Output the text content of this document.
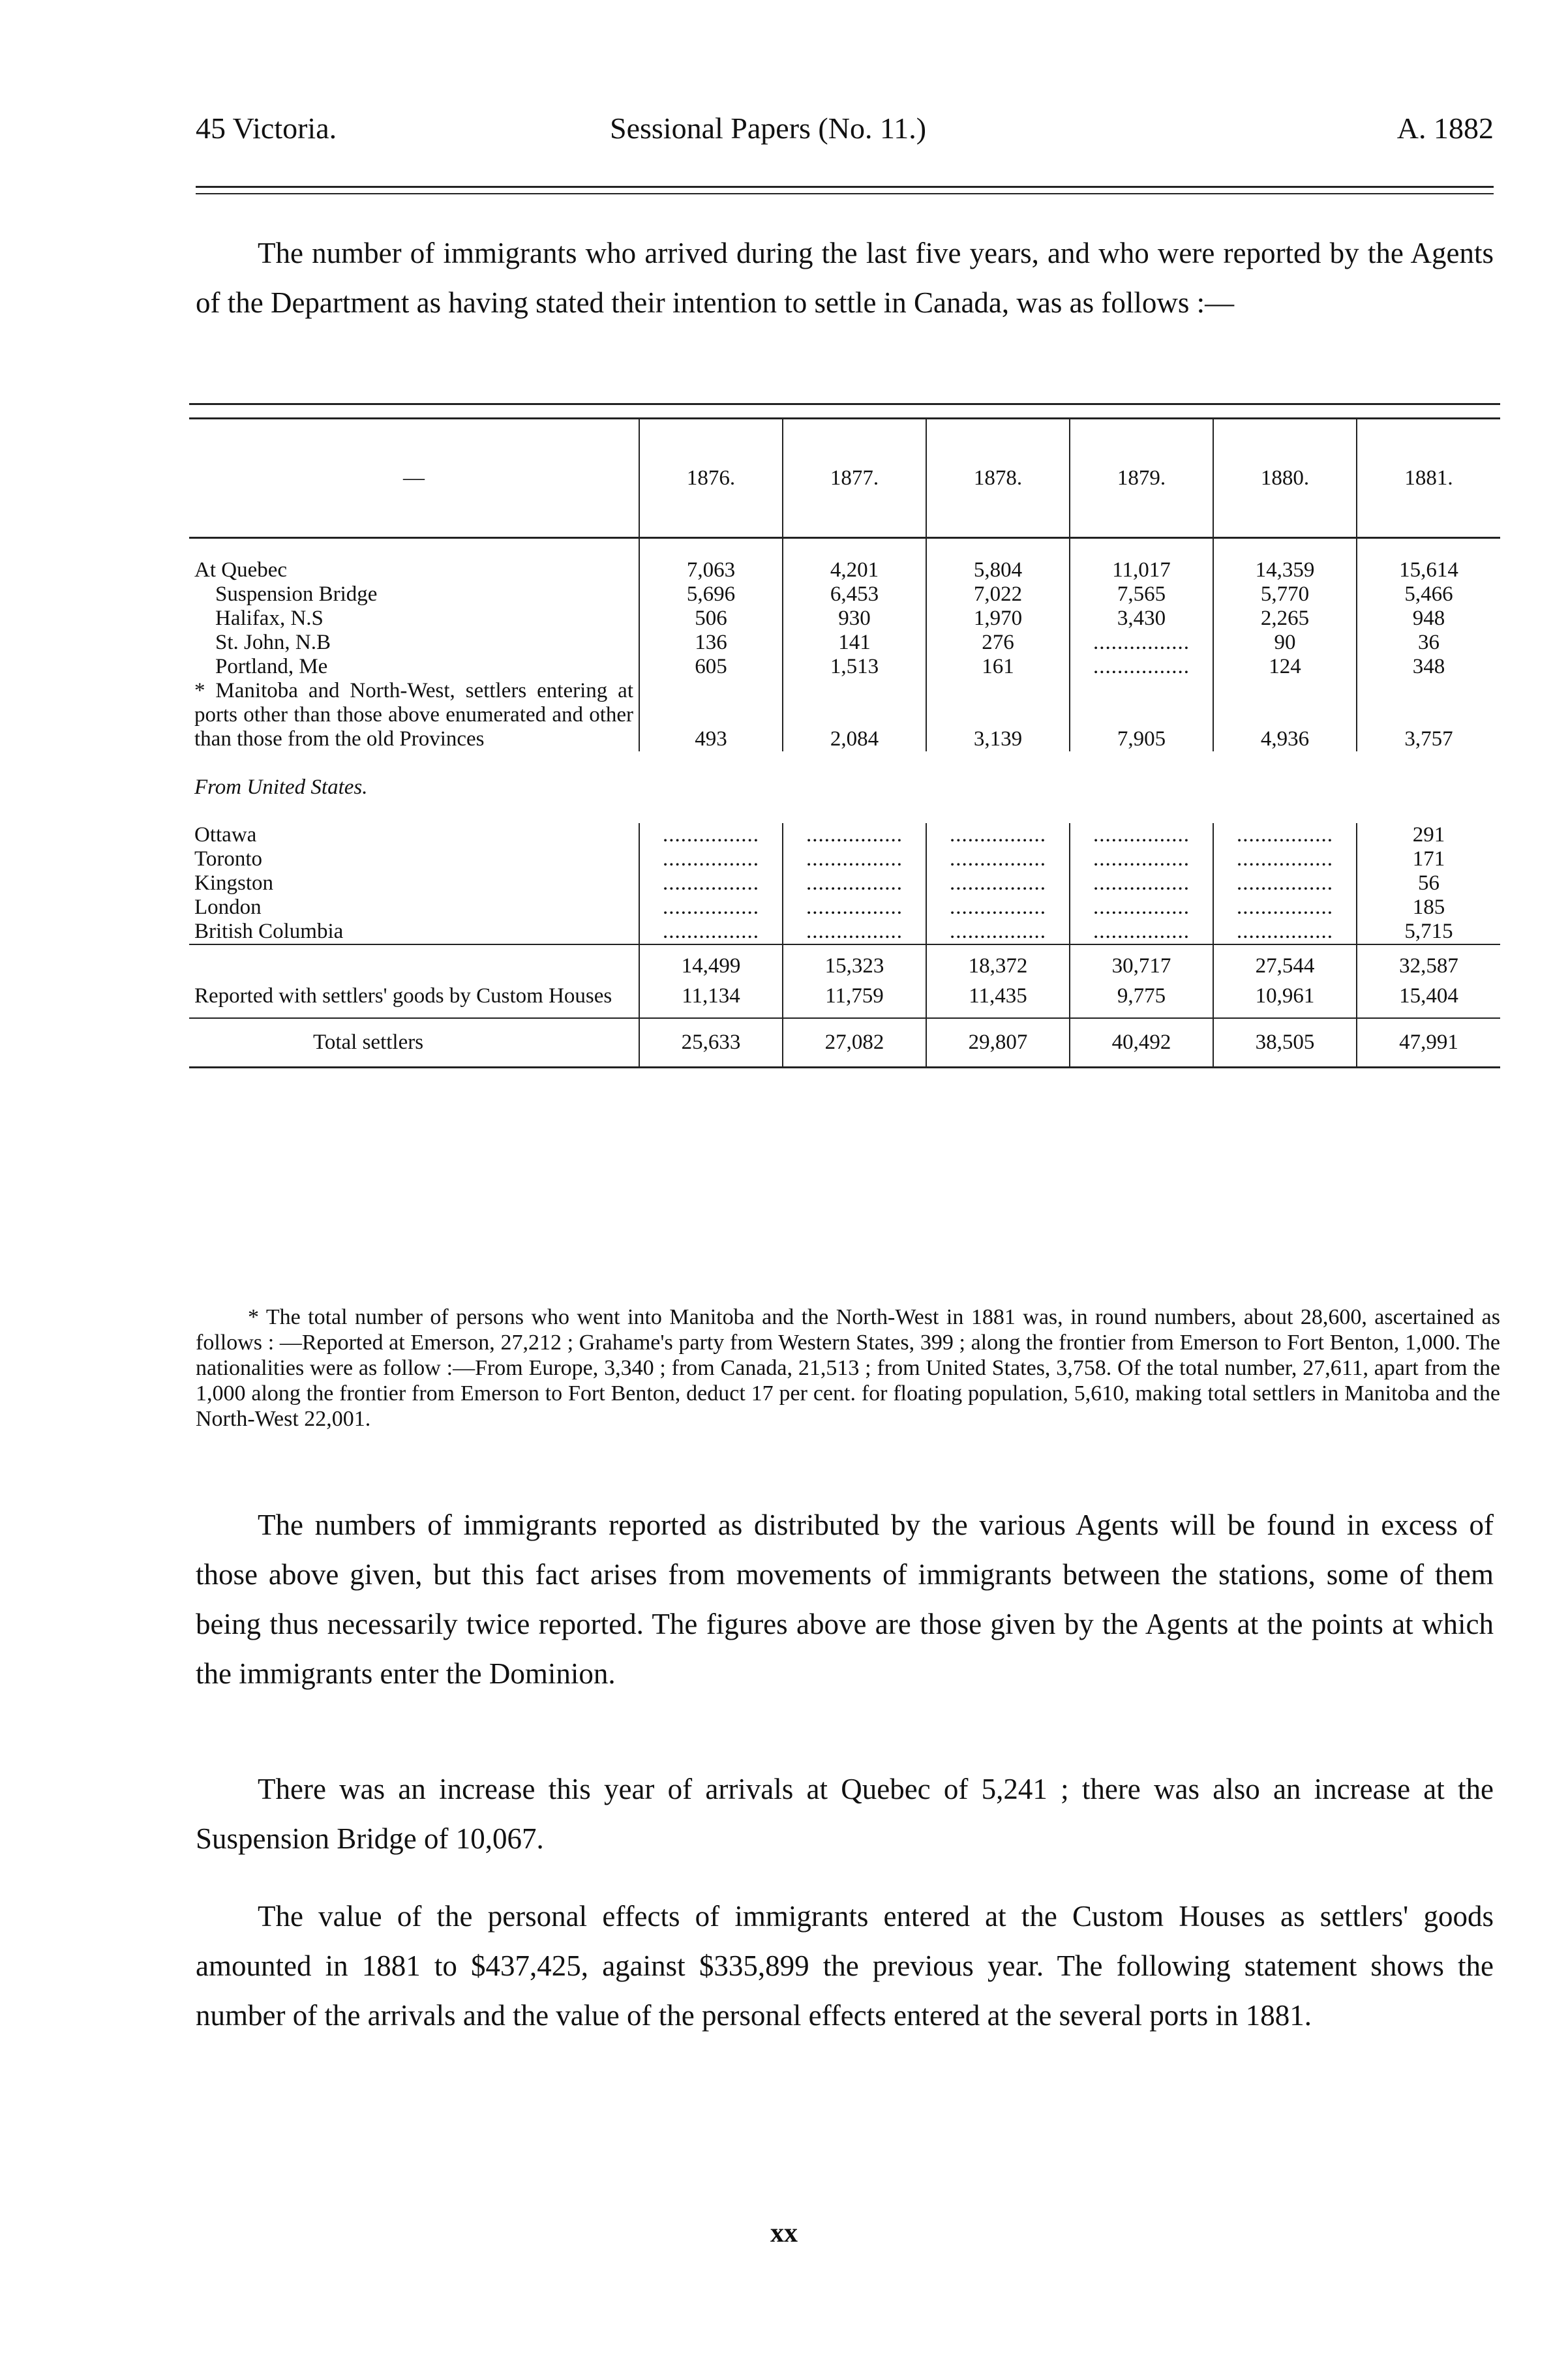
45 Victoria.	Sessional Papers (No. 11.)	A. 1882

The number of immigrants who arrived during the last five years, and who were reported by the Agents of the Department as having stated their intention to settle in Canada, was as follows :—

—	1876.	1877.	1878.	1879.	1880.	1881.

At Quebec	7,063	4,201	5,804	11,017	14,359	15,614
Suspension Bridge	5,696	6,453	7,022	7,565	5,770	5,466
Halifax, N.S	506	930	1,970	3,430	2,265	948
St. John, N.B	136	141	276	................	90	36
Portland, Me	605	1,513	161	................	124	348
* Manitoba and North-West, settlers entering at ports other than those above enumerated and other than those from the old Provinces	493	2,084	3,139	7,905	4,936	3,757
From United States.						
Ottawa	................	................	................	................	................	291
Toronto	................	................	................	................	................	171
Kingston	................	................	................	................	................	56
London	................	................	................	................	................	185
British Columbia	................	................	................	................	................	5,715
	14,499	15,323	18,372	30,717	27,544	32,587
Reported with settlers' goods by Custom Houses	11,134	11,759	11,435	9,775	10,961	15,404
Total settlers	25,633	27,082	29,807	40,492	38,505	47,991

* The total number of persons who went into Manitoba and the North-West in 1881 was, in round numbers, about 28,600, ascertained as follows : —Reported at Emerson, 27,212 ; Grahame's party from Western States, 399 ; along the frontier from Emerson to Fort Benton, 1,000. The nationalities were as follow :—From Europe, 3,340 ; from Canada, 21,513 ; from United States, 3,758. Of the total number, 27,611, apart from the 1,000 along the frontier from Emerson to Fort Benton, deduct 17 per cent. for floating population, 5,610, making total settlers in Manitoba and the North-West 22,001.

The numbers of immigrants reported as distributed by the various Agents will be found in excess of those above given, but this fact arises from movements of immigrants between the stations, some of them being thus necessarily twice reported. The figures above are those given by the Agents at the points at which the immigrants enter the Dominion.

There was an increase this year of arrivals at Quebec of 5,241 ; there was also an increase at the Suspension Bridge of 10,067.

The value of the personal effects of immigrants entered at the Custom Houses as settlers' goods amounted in 1881 to $437,425, against $335,899 the previous year. The following statement shows the number of the arrivals and the value of the personal effects entered at the several ports in 1881.

xx
